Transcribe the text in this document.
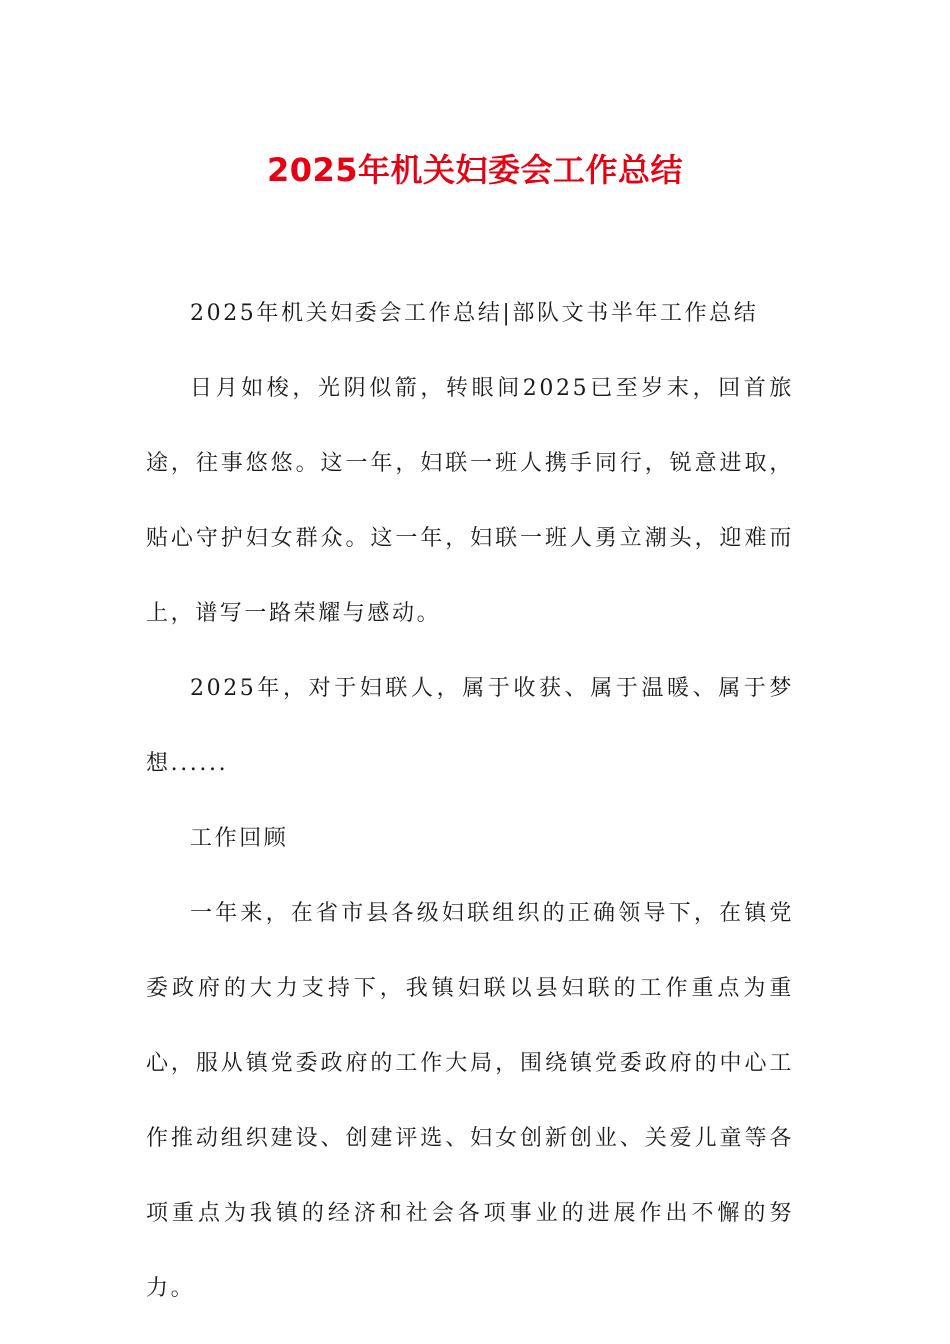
2025年机关妇委会工作总结

2025年机关妇委会工作总结|部队文书半年工作总结

日月如梭，光阴似箭，转眼间2025已至岁末，回首旅途，往事悠悠。这一年，妇联一班人携手同行，锐意进取，贴心守护妇女群众。这一年，妇联一班人勇立潮头，迎难而上，谱写一路荣耀与感动。

2025年，对于妇联人，属于收获、属于温暖、属于梦想......

工作回顾

一年来，在省市县各级妇联组织的正确领导下，在镇党委政府的大力支持下，我镇妇联以县妇联的工作重点为重心，服从镇党委政府的工作大局，围绕镇党委政府的中心工作推动组织建设、创建评选、妇女创新创业、关爱儿童等各项重点为我镇的经济和社会各项事业的进展作出不懈的努力。
